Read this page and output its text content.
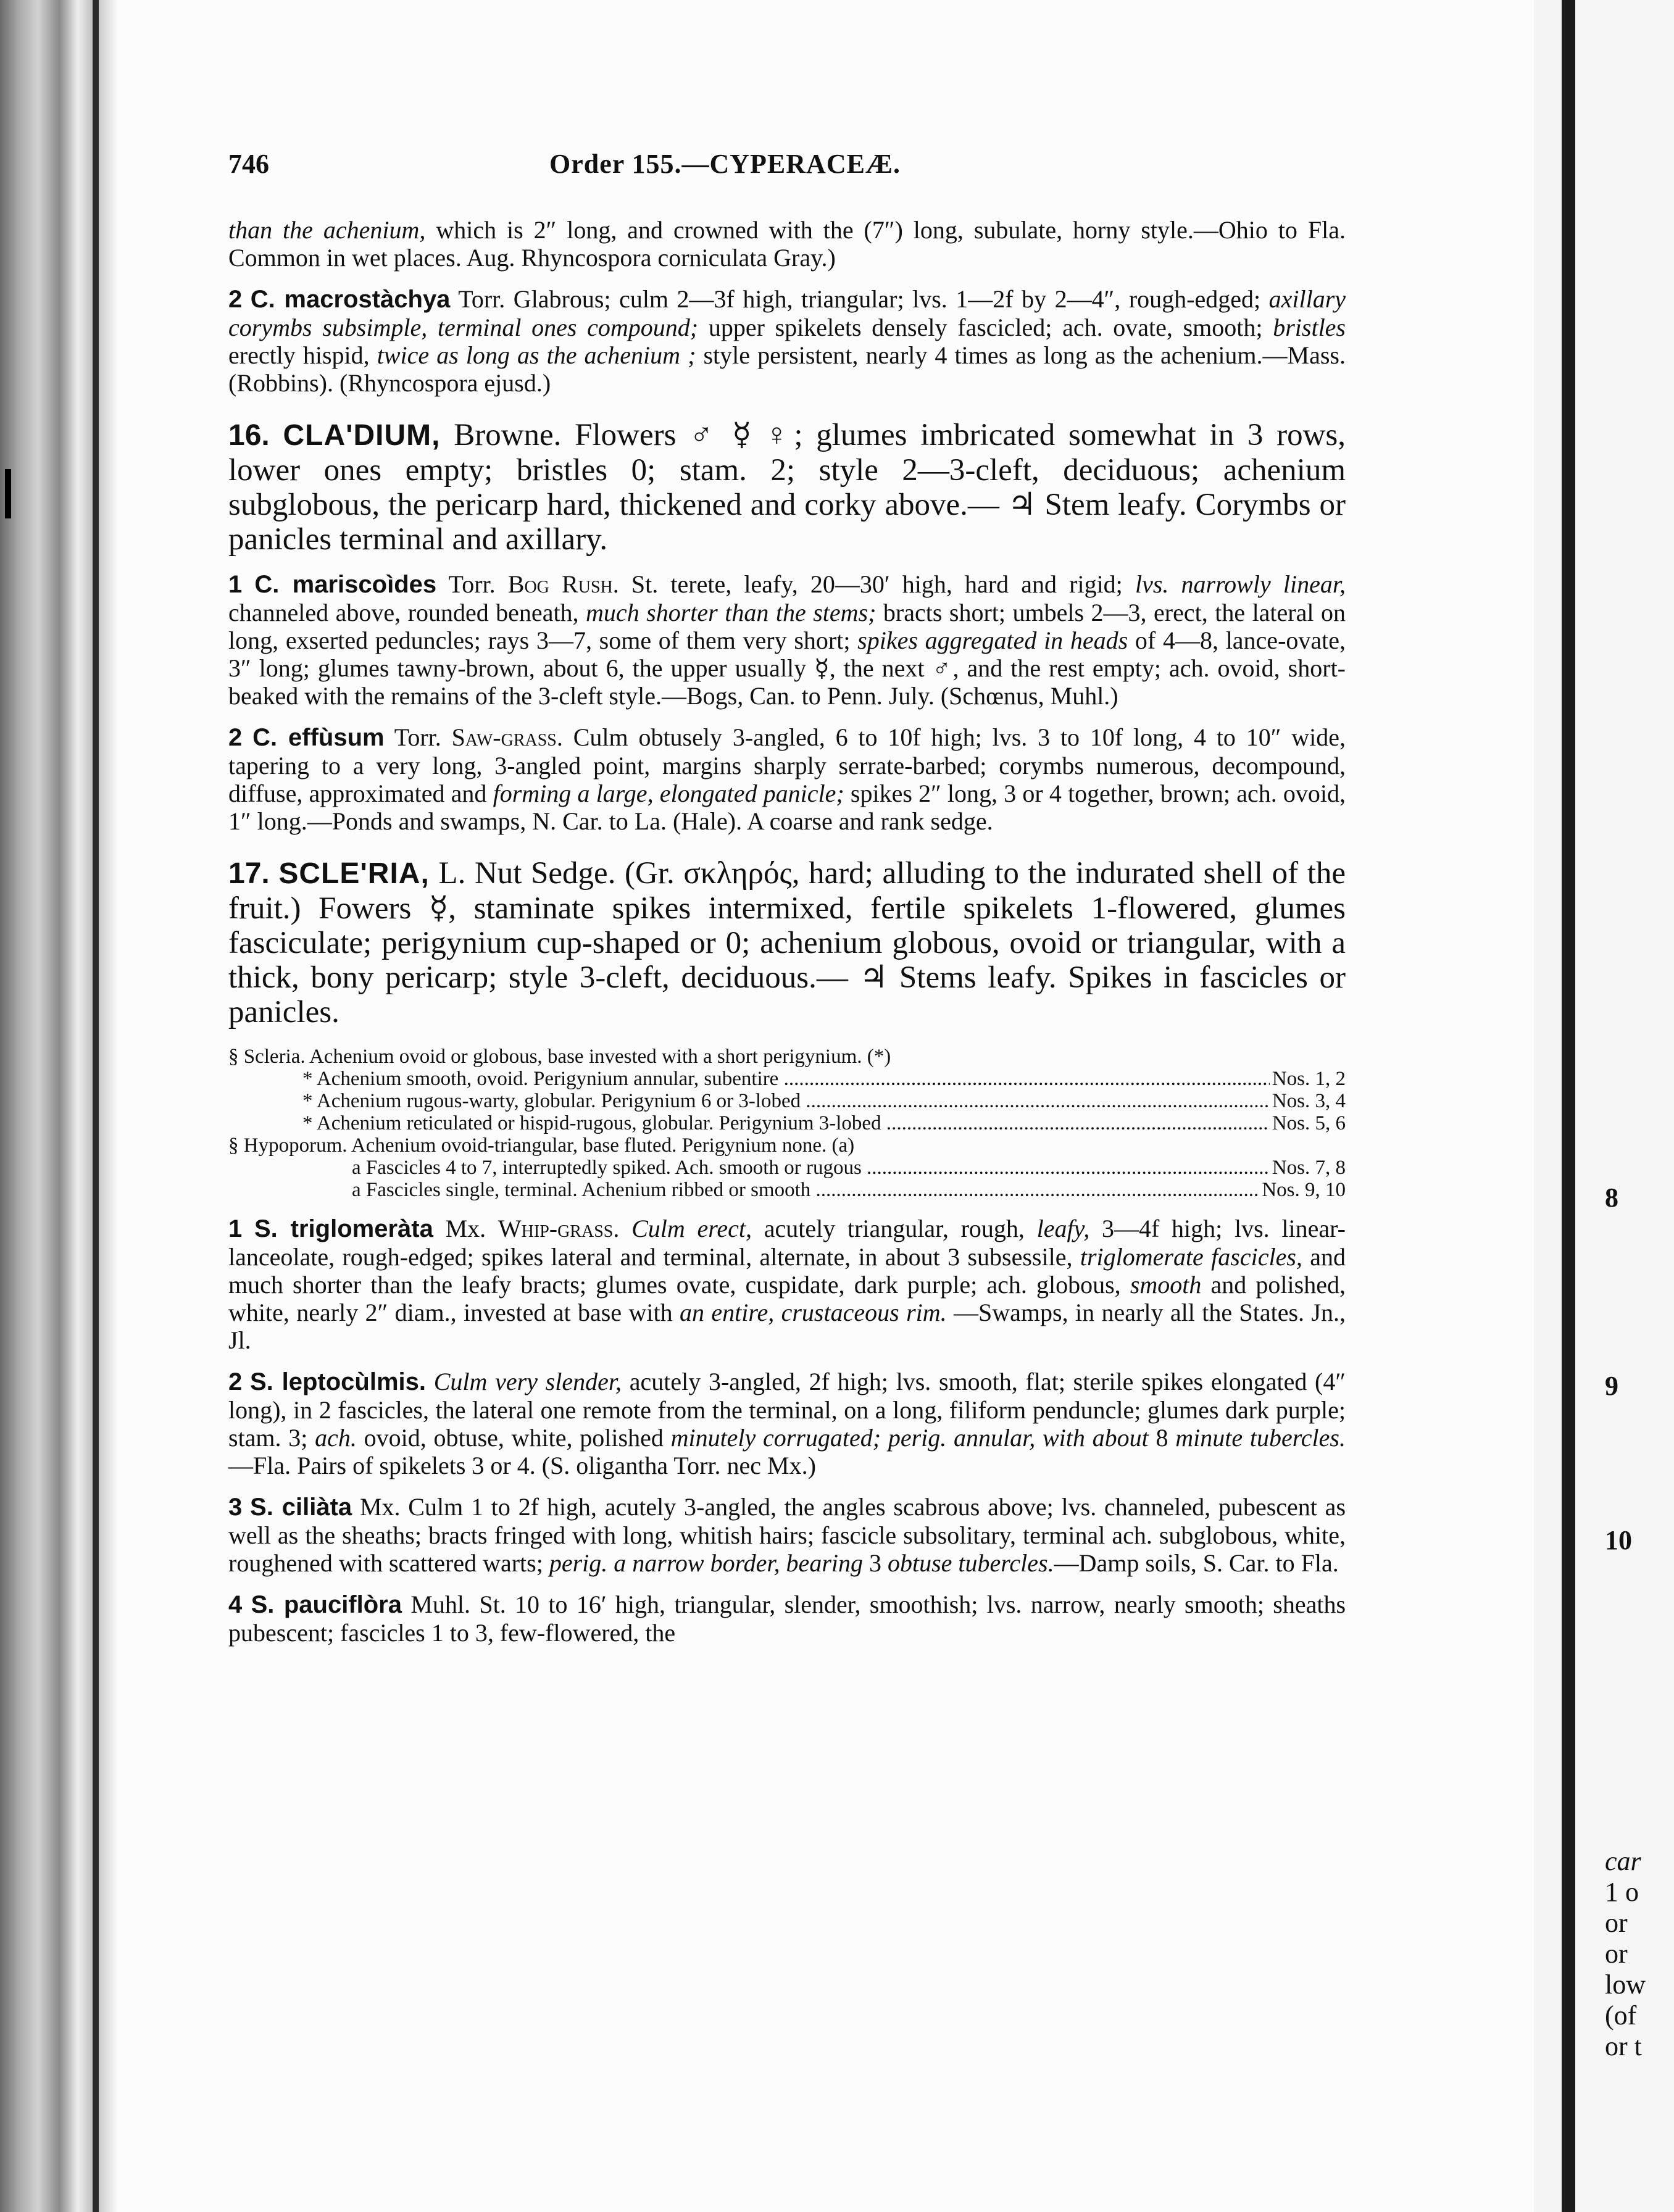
8
9
10
car
1 o
or
or
low
(of
or t
746	Order 155.—CYPERACEÆ.

than the achenium, which is 2″ long, and crowned with the (7″) long, subulate, horny style.—Ohio to Fla. Common in wet places. Aug. Rhyncospora corniculata Gray.)

2 C. macrostàchya Torr. Glabrous; culm 2—3f high, triangular; lvs. 1—2f by 2—4″, rough-edged; axillary corymbs subsimple, terminal ones compound; upper spikelets densely fascicled; ach. ovate, smooth; bristles erectly hispid, twice as long as the achenium ; style persistent, nearly 4 times as long as the achenium.—Mass. (Robbins). (Rhyncospora ejusd.)

16. CLA'DIUM, Browne. Flowers ♂ ☿ ♀; glumes imbricated somewhat in 3 rows, lower ones empty; bristles 0; stam. 2; style 2—3-cleft, deciduous; achenium subglobous, the pericarp hard, thickened and corky above.— ♃ Stem leafy. Corymbs or panicles terminal and axillary.

1 C. mariscoìdes Torr. Bog Rush. St. terete, leafy, 20—30′ high, hard and rigid; lvs. narrowly linear, channeled above, rounded beneath, much shorter than the stems; bracts short; umbels 2—3, erect, the lateral on long, exserted peduncles; rays 3—7, some of them very short; spikes aggregated in heads of 4—8, lance-ovate, 3″ long; glumes tawny-brown, about 6, the upper usually ☿, the next ♂, and the rest empty; ach. ovoid, short-beaked with the remains of the 3-cleft style.—Bogs, Can. to Penn. July. (Schœnus, Muhl.)

2 C. effùsum Torr. Saw-grass. Culm obtusely 3-angled, 6 to 10f high; lvs. 3 to 10f long, 4 to 10″ wide, tapering to a very long, 3-angled point, margins sharply serrate-barbed; corymbs numerous, decompound, diffuse, approximated and forming a large, elongated panicle; spikes 2″ long, 3 or 4 together, brown; ach. ovoid, 1″ long.—Ponds and swamps, N. Car. to La. (Hale). A coarse and rank sedge.

17. SCLE'RIA, L. Nut Sedge. (Gr. σκληρός, hard; alluding to the indurated shell of the fruit.) Fowers ☿, staminate spikes intermixed, fertile spikelets 1-flowered, glumes fasciculate; perigynium cup-shaped or 0; achenium globous, ovoid or triangular, with a thick, bony pericarp; style 3-cleft, deciduous.— ♃ Stems leafy. Spikes in fascicles or panicles.

§ Scleria. Achenium ovoid or globous, base invested with a short perigynium. (*)
* Achenium smooth, ovoid. Perigynium annular, subentire .....	Nos. 1, 2
* Achenium rugous-warty, globular. Perigynium 6 or 3-lobed .....	Nos. 3, 4
* Achenium reticulated or hispid-rugous, globular. Perigynium 3-lobed .....	Nos. 5, 6
§ Hypoporum. Achenium ovoid-triangular, base fluted. Perigynium none. (a)
a Fascicles 4 to 7, interruptedly spiked. Ach. smooth or rugous .....	Nos. 7, 8
a Fascicles single, terminal. Achenium ribbed or smooth .....	Nos. 9, 10

1 S. triglomeràta Mx. Whip-grass. Culm erect, acutely triangular, rough, leafy, 3—4f high; lvs. linear-lanceolate, rough-edged; spikes lateral and terminal, alternate, in about 3 subsessile, triglomerate fascicles, and much shorter than the leafy bracts; glumes ovate, cuspidate, dark purple; ach. globous, smooth and polished, white, nearly 2″ diam., invested at base with an entire, crustaceous rim. —Swamps, in nearly all the States. Jn., Jl.

2 S. leptocùlmis. Culm very slender, acutely 3-angled, 2f high; lvs. smooth, flat; sterile spikes elongated (4″ long), in 2 fascicles, the lateral one remote from the terminal, on a long, filiform penduncle; glumes dark purple; stam. 3; ach. ovoid, obtuse, white, polished minutely corrugated; perig. annular, with about 8 minute tubercles.—Fla. Pairs of spikelets 3 or 4. (S. oligantha Torr. nec Mx.)

3 S. ciliàta Mx. Culm 1 to 2f high, acutely 3-angled, the angles scabrous above; lvs. channeled, pubescent as well as the sheaths; bracts fringed with long, whitish hairs; fascicle subsolitary, terminal ach. subglobous, white, roughened with scattered warts; perig. a narrow border, bearing 3 obtuse tubercles.—Damp soils, S. Car. to Fla.

4 S. pauciflòra Muhl. St. 10 to 16′ high, triangular, slender, smoothish; lvs. narrow, nearly smooth; sheaths pubescent; fascicles 1 to 3, few-flowered, the
